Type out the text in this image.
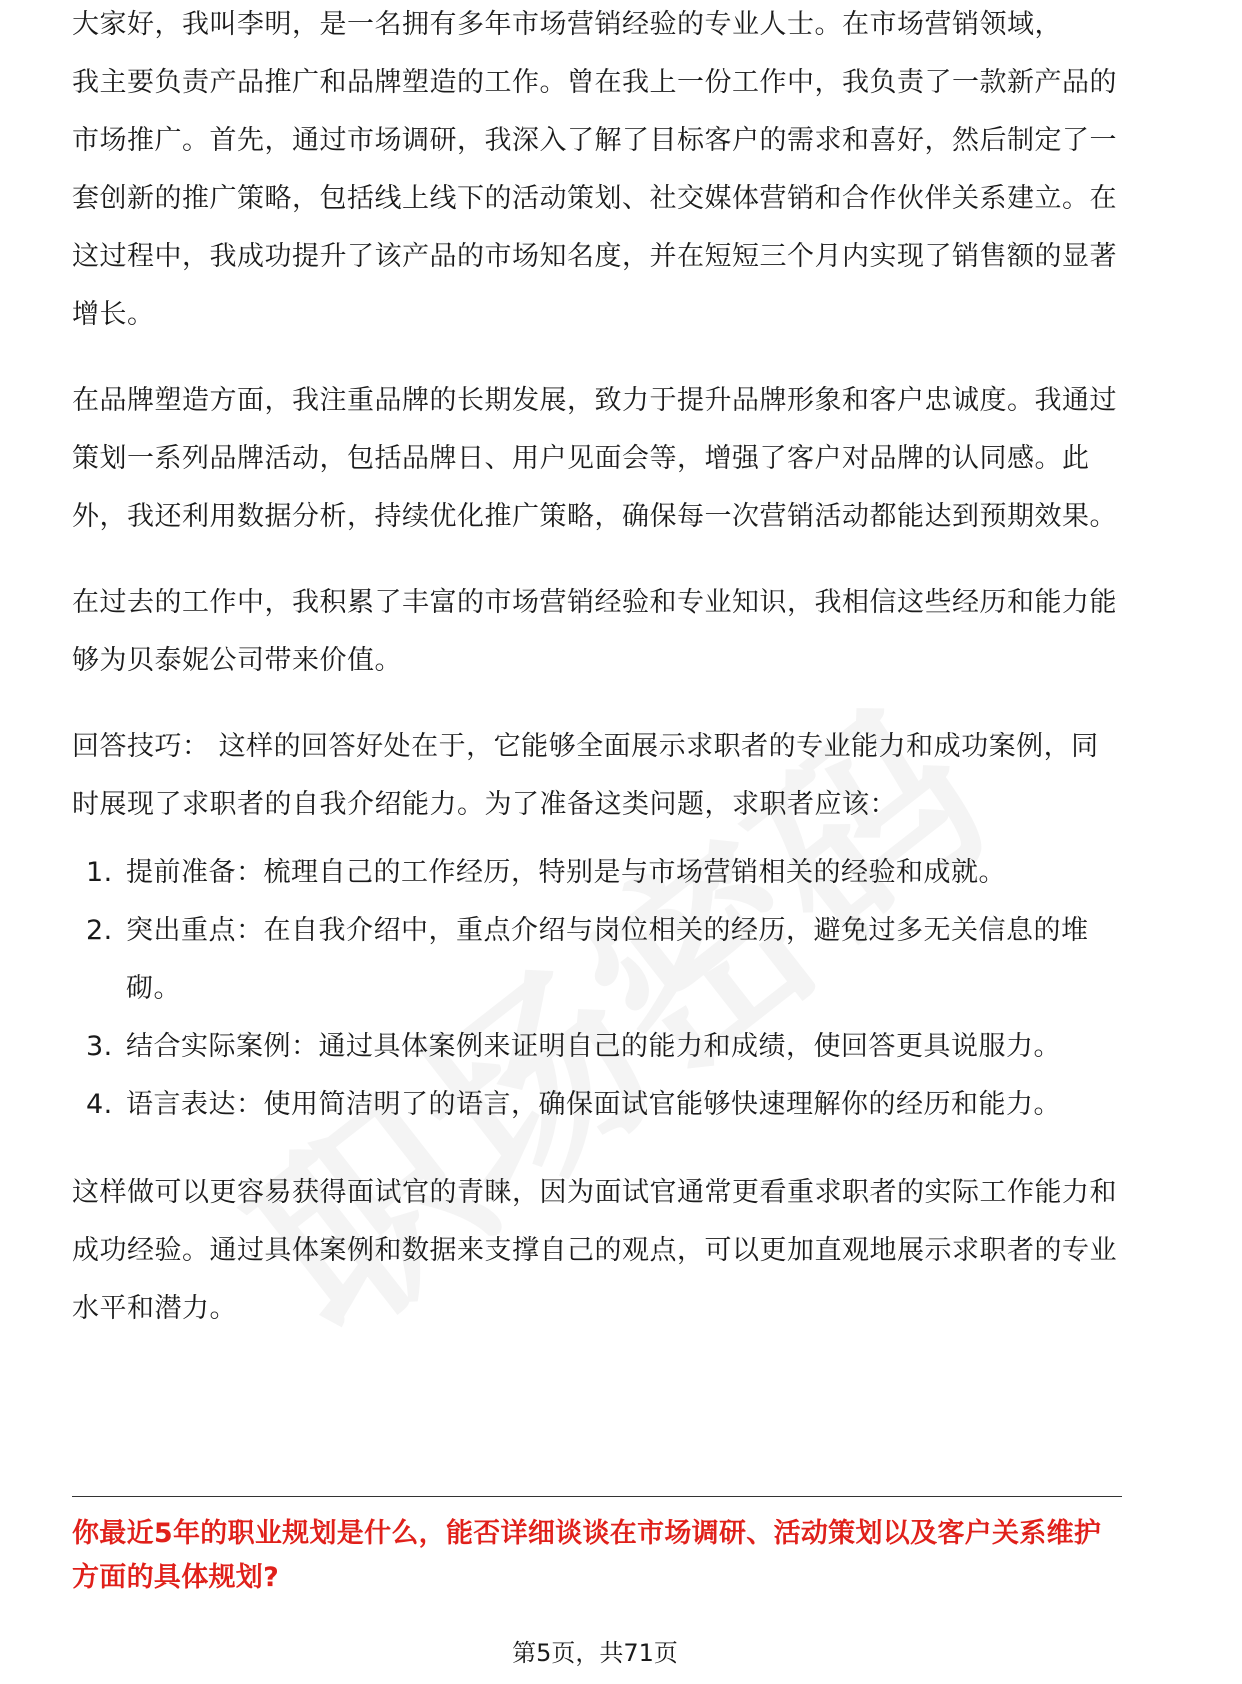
大家好，我叫李明，是一名拥有多年市场营销经验的专业人士。在市场营销领域，

我主要负责产品推广和品牌塑造的工作。曾在我上一份工作中，我负责了一款新产品的市场推广。首先，通过市场调研，我深入了解了目标客户的需求和喜好，然后制定了一套创新的推广策略，包括线上线下的活动策划、社交媒体营销和合作伙伴关系建立。在这过程中，我成功提升了该产品的市场知名度，并在短短三个月内实现了销售额的显著增长。

在品牌塑造方面，我注重品牌的长期发展，致力于提升品牌形象和客户忠诚度。我通过策划一系列品牌活动，包括品牌日、用户见面会等，增强了客户对品牌的认同感。此外，我还利用数据分析，持续优化推广策略，确保每一次营销活动都能达到预期效果。

在过去的工作中，我积累了丰富的市场营销经验和专业知识，我相信这些经历和能力能够为贝泰妮公司带来价值。

回答技巧： 这样的回答好处在于，它能够全面展示求职者的专业能力和成功案例，同时展现了求职者的自我介绍能力。为了准备这类问题，求职者应该：

1. 提前准备：梳理自己的工作经历，特别是与市场营销相关的经验和成就。
2. 突出重点：在自我介绍中，重点介绍与岗位相关的经历，避免过多无关信息的堆砌。
3. 结合实际案例：通过具体案例来证明自己的能力和成绩，使回答更具说服力。
4. 语言表达：使用简洁明了的语言，确保面试官能够快速理解你的经历和能力。

这样做可以更容易获得面试官的青睐，因为面试官通常更看重求职者的实际工作能力和成功经验。通过具体案例和数据来支撑自己的观点，可以更加直观地展示求职者的专业水平和潜力。

你最近5年的职业规划是什么，能否详细谈谈在市场调研、活动策划以及客户关系维护方面的具体规划?
第5页，共71页
